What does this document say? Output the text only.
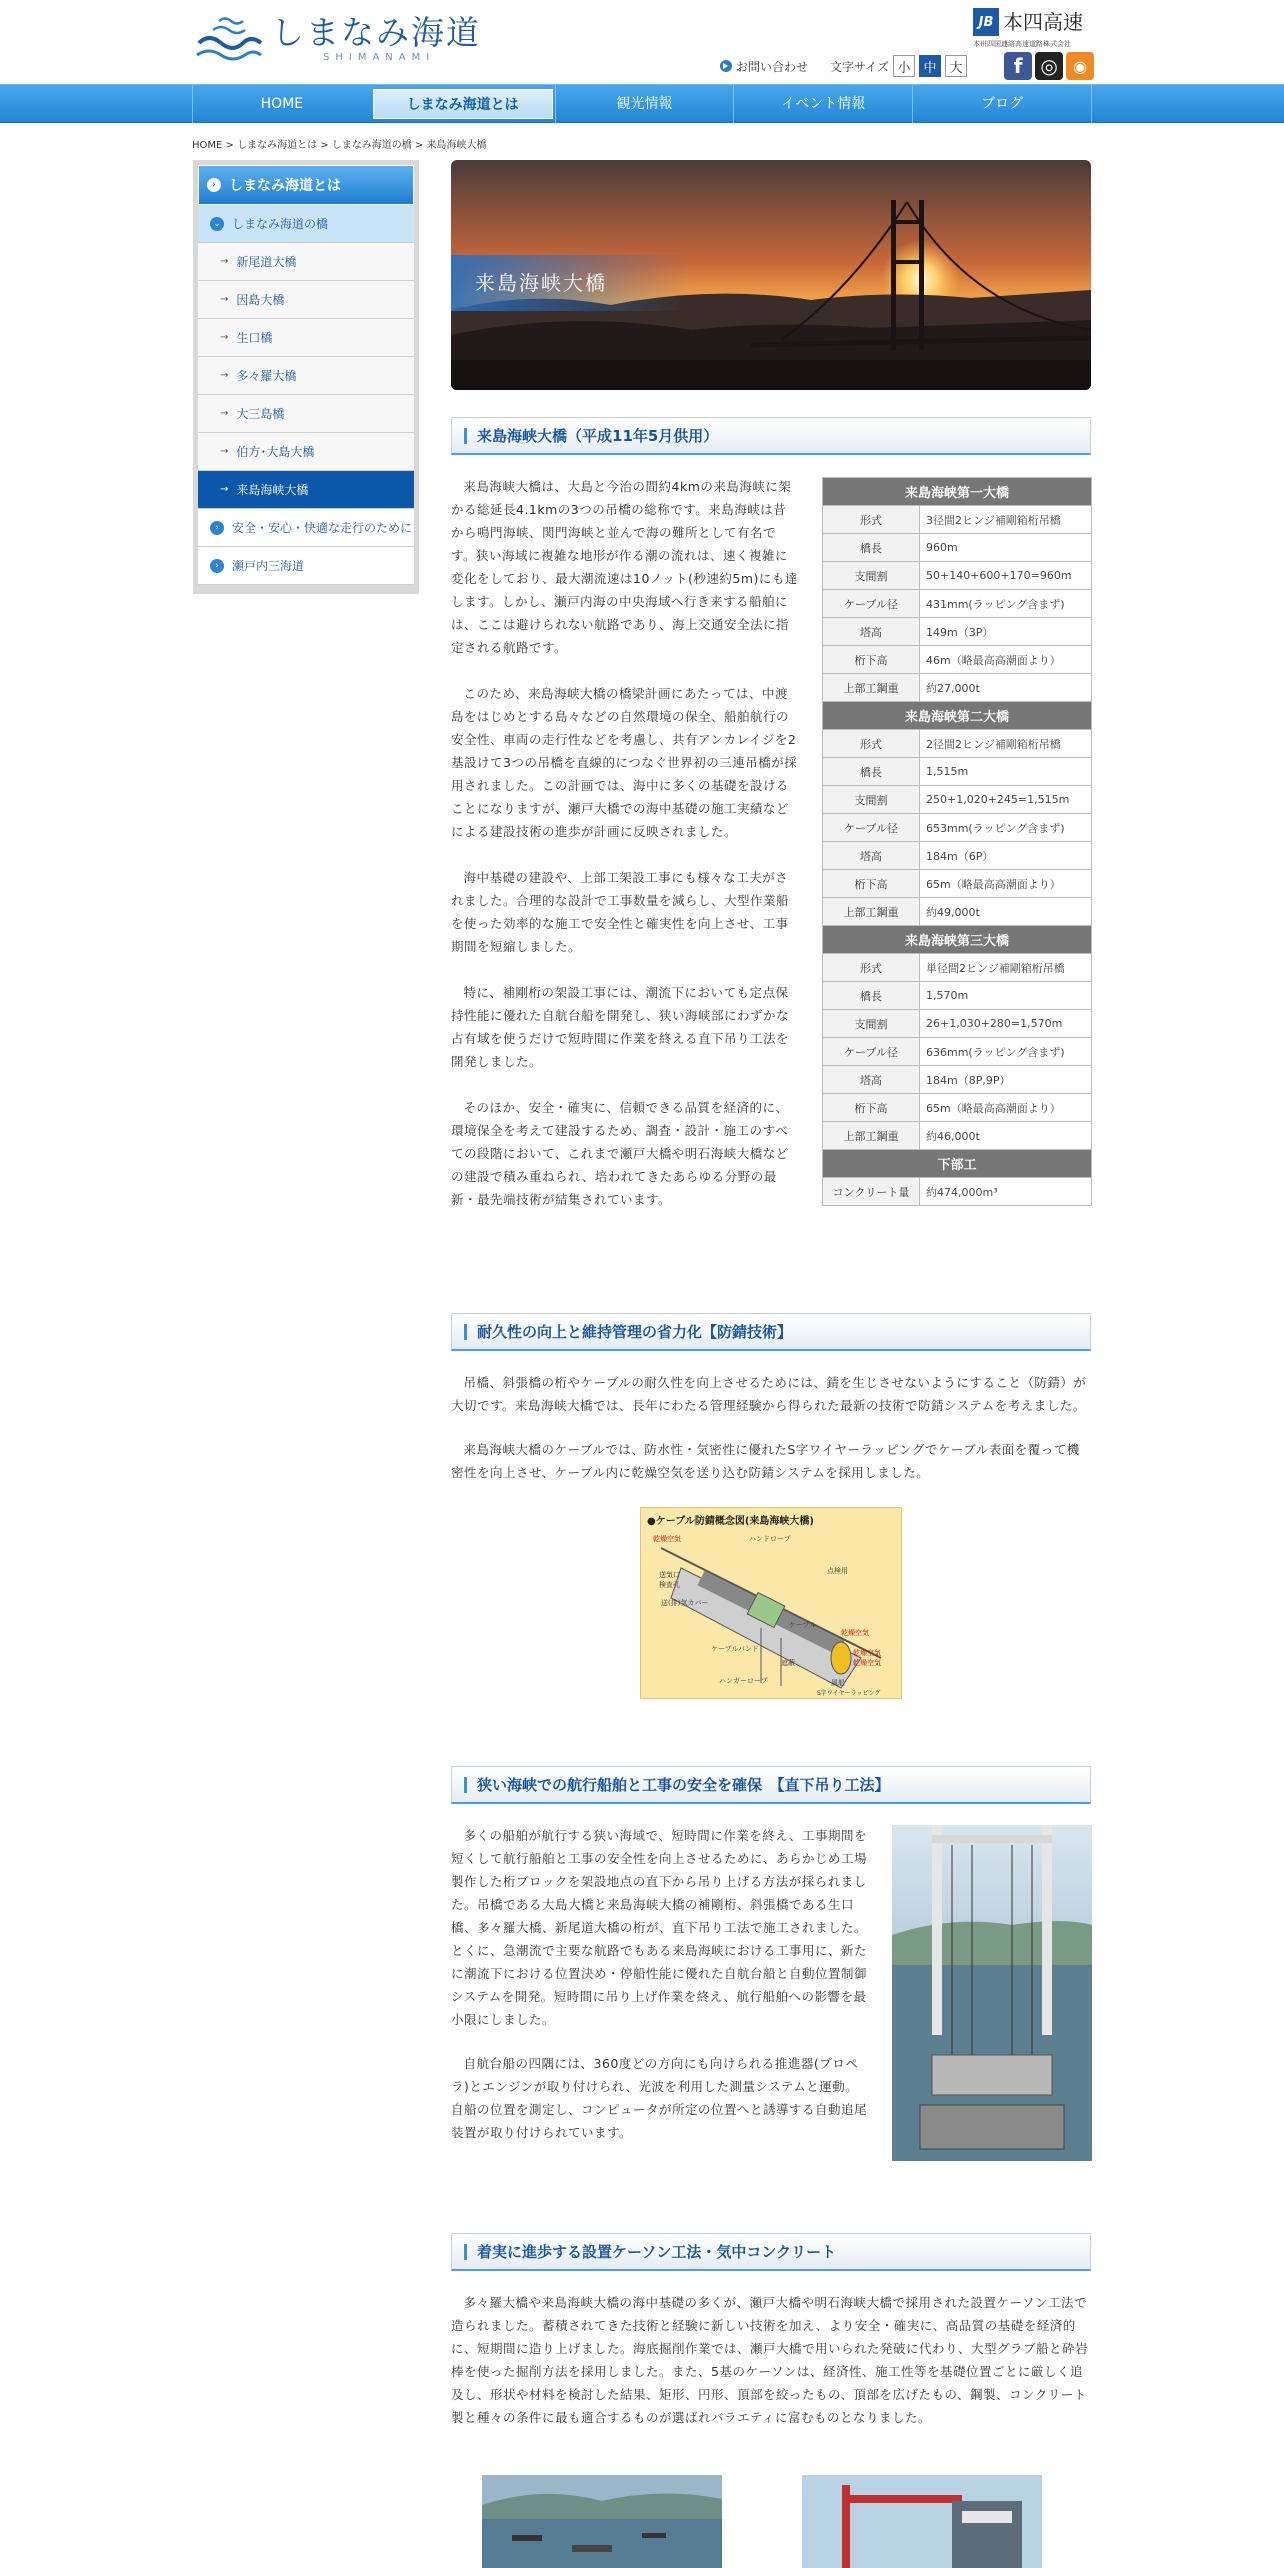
しまなみ海道
SHIMANAMI
JB 本四高速
本州四国連絡高速道路株式会社
お問い合わせ 文字サイズ 小 中 大	f ◎ ◉
HOME	しまなみ海道とは	観光情報	イベント情報	ブログ
HOME > しまなみ海道とは > しまなみ海道の橋 > 来島海峡大橋
› しまなみ海道とは
⌄ しまなみ海道の橋
→ 新尾道大橋
→ 因島大橋
→ 生口橋
→ 多々羅大橋
→ 大三島橋
→ 伯方･大島大橋
→ 来島海峡大橋
›	安全・安心・快適な走行のために
›	瀬戸内三海道
来島海峡大橋
来島海峡大橋（平成11年5月供用）

来島海峡大橋は、大島と今治の間約4kmの来島海峡に架かる総延長4.1kmの3つの吊橋の総称です。来島海峡は昔から鳴門海峡、関門海峡と並んで海の難所として有名です。狭い海域に複雑な地形が作る潮の流れは、速く複雑に変化をしており、最大潮流速は10ノット(秒速約5m)にも達します。しかし、瀬戸内海の中央海域へ行き来する船舶には、ここは避けられない航路であり、海上交通安全法に指定される航路です。

このため、来島海峡大橋の橋梁計画にあたっては、中渡島をはじめとする島々などの自然環境の保全、船舶航行の安全性、車両の走行性などを考慮し、共有アンカレイジを2基設けて3つの吊橋を直線的につなぐ世界初の三連吊橋が採用されました。この計画では、海中に多くの基礎を設けることになりますが、瀬戸大橋での海中基礎の施工実績などによる建設技術の進歩が計画に反映されました。

海中基礎の建設や、上部工架設工事にも様々な工夫がされました。合理的な設計で工事数量を減らし、大型作業船を使った効率的な施工で安全性と確実性を向上させ、工事期間を短縮しました。

特に、補剛桁の架設工事には、潮流下においても定点保持性能に優れた自航台船を開発し、狭い海峡部にわずかな占有域を使うだけで短時間に作業を終える直下吊り工法を開発しました。

そのほか、安全・確実に、信頼できる品質を経済的に、環境保全を考えて建設するため、調査・設計・施工のすべての段階において、これまで瀬戸大橋や明石海峡大橋などの建設で積み重ねられ、培われてきたあらゆる分野の最新・最先端技術が結集されています。

来島海峡第一大橋	
形式	3径間2ヒンジ補剛箱桁吊橋
橋長	960m
支間割	50+140+600+170=960m
ケーブル径	431mm(ラッピング含まず)
塔高	149m（3P）
桁下高	46m（略最高高潮面より）
上部工鋼重	約27,000t
来島海峡第二大橋	
形式	2径間2ヒンジ補剛箱桁吊橋
橋長	1,515m
支間割	250+1,020+245=1,515m
ケーブル径	653mm(ラッピング含まず)
塔高	184m（6P）
桁下高	65m（略最高高潮面より）
上部工鋼重	約49,000t
来島海峡第三大橋	
形式	単径間2ヒンジ補剛箱桁吊橋
橋長	1,570m
支間割	26+1,030+280=1,570m
ケーブル径	636mm(ラッピング含まず)
塔高	184m（8P,9P）
桁下高	65m（略最高高潮面より）
上部工鋼重	約46,000t
下部工	
コンクリート量	約474,000m³
耐久性の向上と維持管理の省力化【防錆技術】

吊橋、斜張橋の桁やケーブルの耐久性を向上させるためには、錆を生じさせないようにすること（防錆）が大切です。来島海峡大橋では、長年にわたる管理経験から得られた最新の技術で防錆システムを考えました。

来島海峡大橋のケーブルでは、防水性・気密性に優れたS字ワイヤーラッピングでケーブル表面を覆って機密性を向上させ、ケーブル内に乾燥空気を送り込む防錆システムを採用しました。

●ケーブル防錆概念図(来島海峡大橋)
乾燥空気	ハンドロープ
送気口
検査孔
送(排)気カバー
ケーブル
ケーブルバンド
遮蔽
ハンガーロープ
乾燥空気
乾燥空気
乾燥空気
S字ワイヤーラッピング
風船
点検用
狭い海峡での航行船舶と工事の安全を確保　【直下吊り工法】

多くの船舶が航行する狭い海域で、短時間に作業を終え、工事期間を短くして航行船舶と工事の安全性を向上させるために、あらかじめ工場製作した桁ブロックを架設地点の直下から吊り上げる方法が採られました。吊橋である大島大橋と来島海峡大橋の補剛桁、斜張橋である生口橋、多々羅大橋、新尾道大橋の桁が、直下吊り工法で施工されました。とくに、急潮流で主要な航路でもある来島海峡における工事用に、新たに潮流下における位置決め・停船性能に優れた自航台船と自動位置制御システムを開発。短時間に吊り上げ作業を終え、航行船舶への影響を最小限にしました。

自航台船の四隅には、360度どの方向にも向けられる推進器(プロペラ)とエンジンが取り付けられ、光波を利用した測量システムと運動。自船の位置を測定し、コンピュータが所定の位置へと誘導する自動追尾装置が取り付けられています。

着実に進歩する設置ケーソン工法・気中コンクリート

多々羅大橋や来島海峡大橋の海中基礎の多くが、瀬戸大橋や明石海峡大橋で採用された設置ケーソン工法で造られました。蓄積されてきた技術と経験に新しい技術を加え、より安全・確実に、高品質の基礎を経済的に、短期間に造り上げました。海底掘削作業では、瀬戸大橋で用いられた発破に代わり、大型グラブ船と砕岩棒を使った掘削方法を採用しました。また、5基のケーソンは、経済性、施工性等を基礎位置ごとに厳しく追及し、形状や材料を検討した結果、矩形、円形、頂部を絞ったもの、頂部を広げたもの、鋼製、コンクリート製と種々の条件に最も適合するものが選ばれバラエティに富むものとなりました。
